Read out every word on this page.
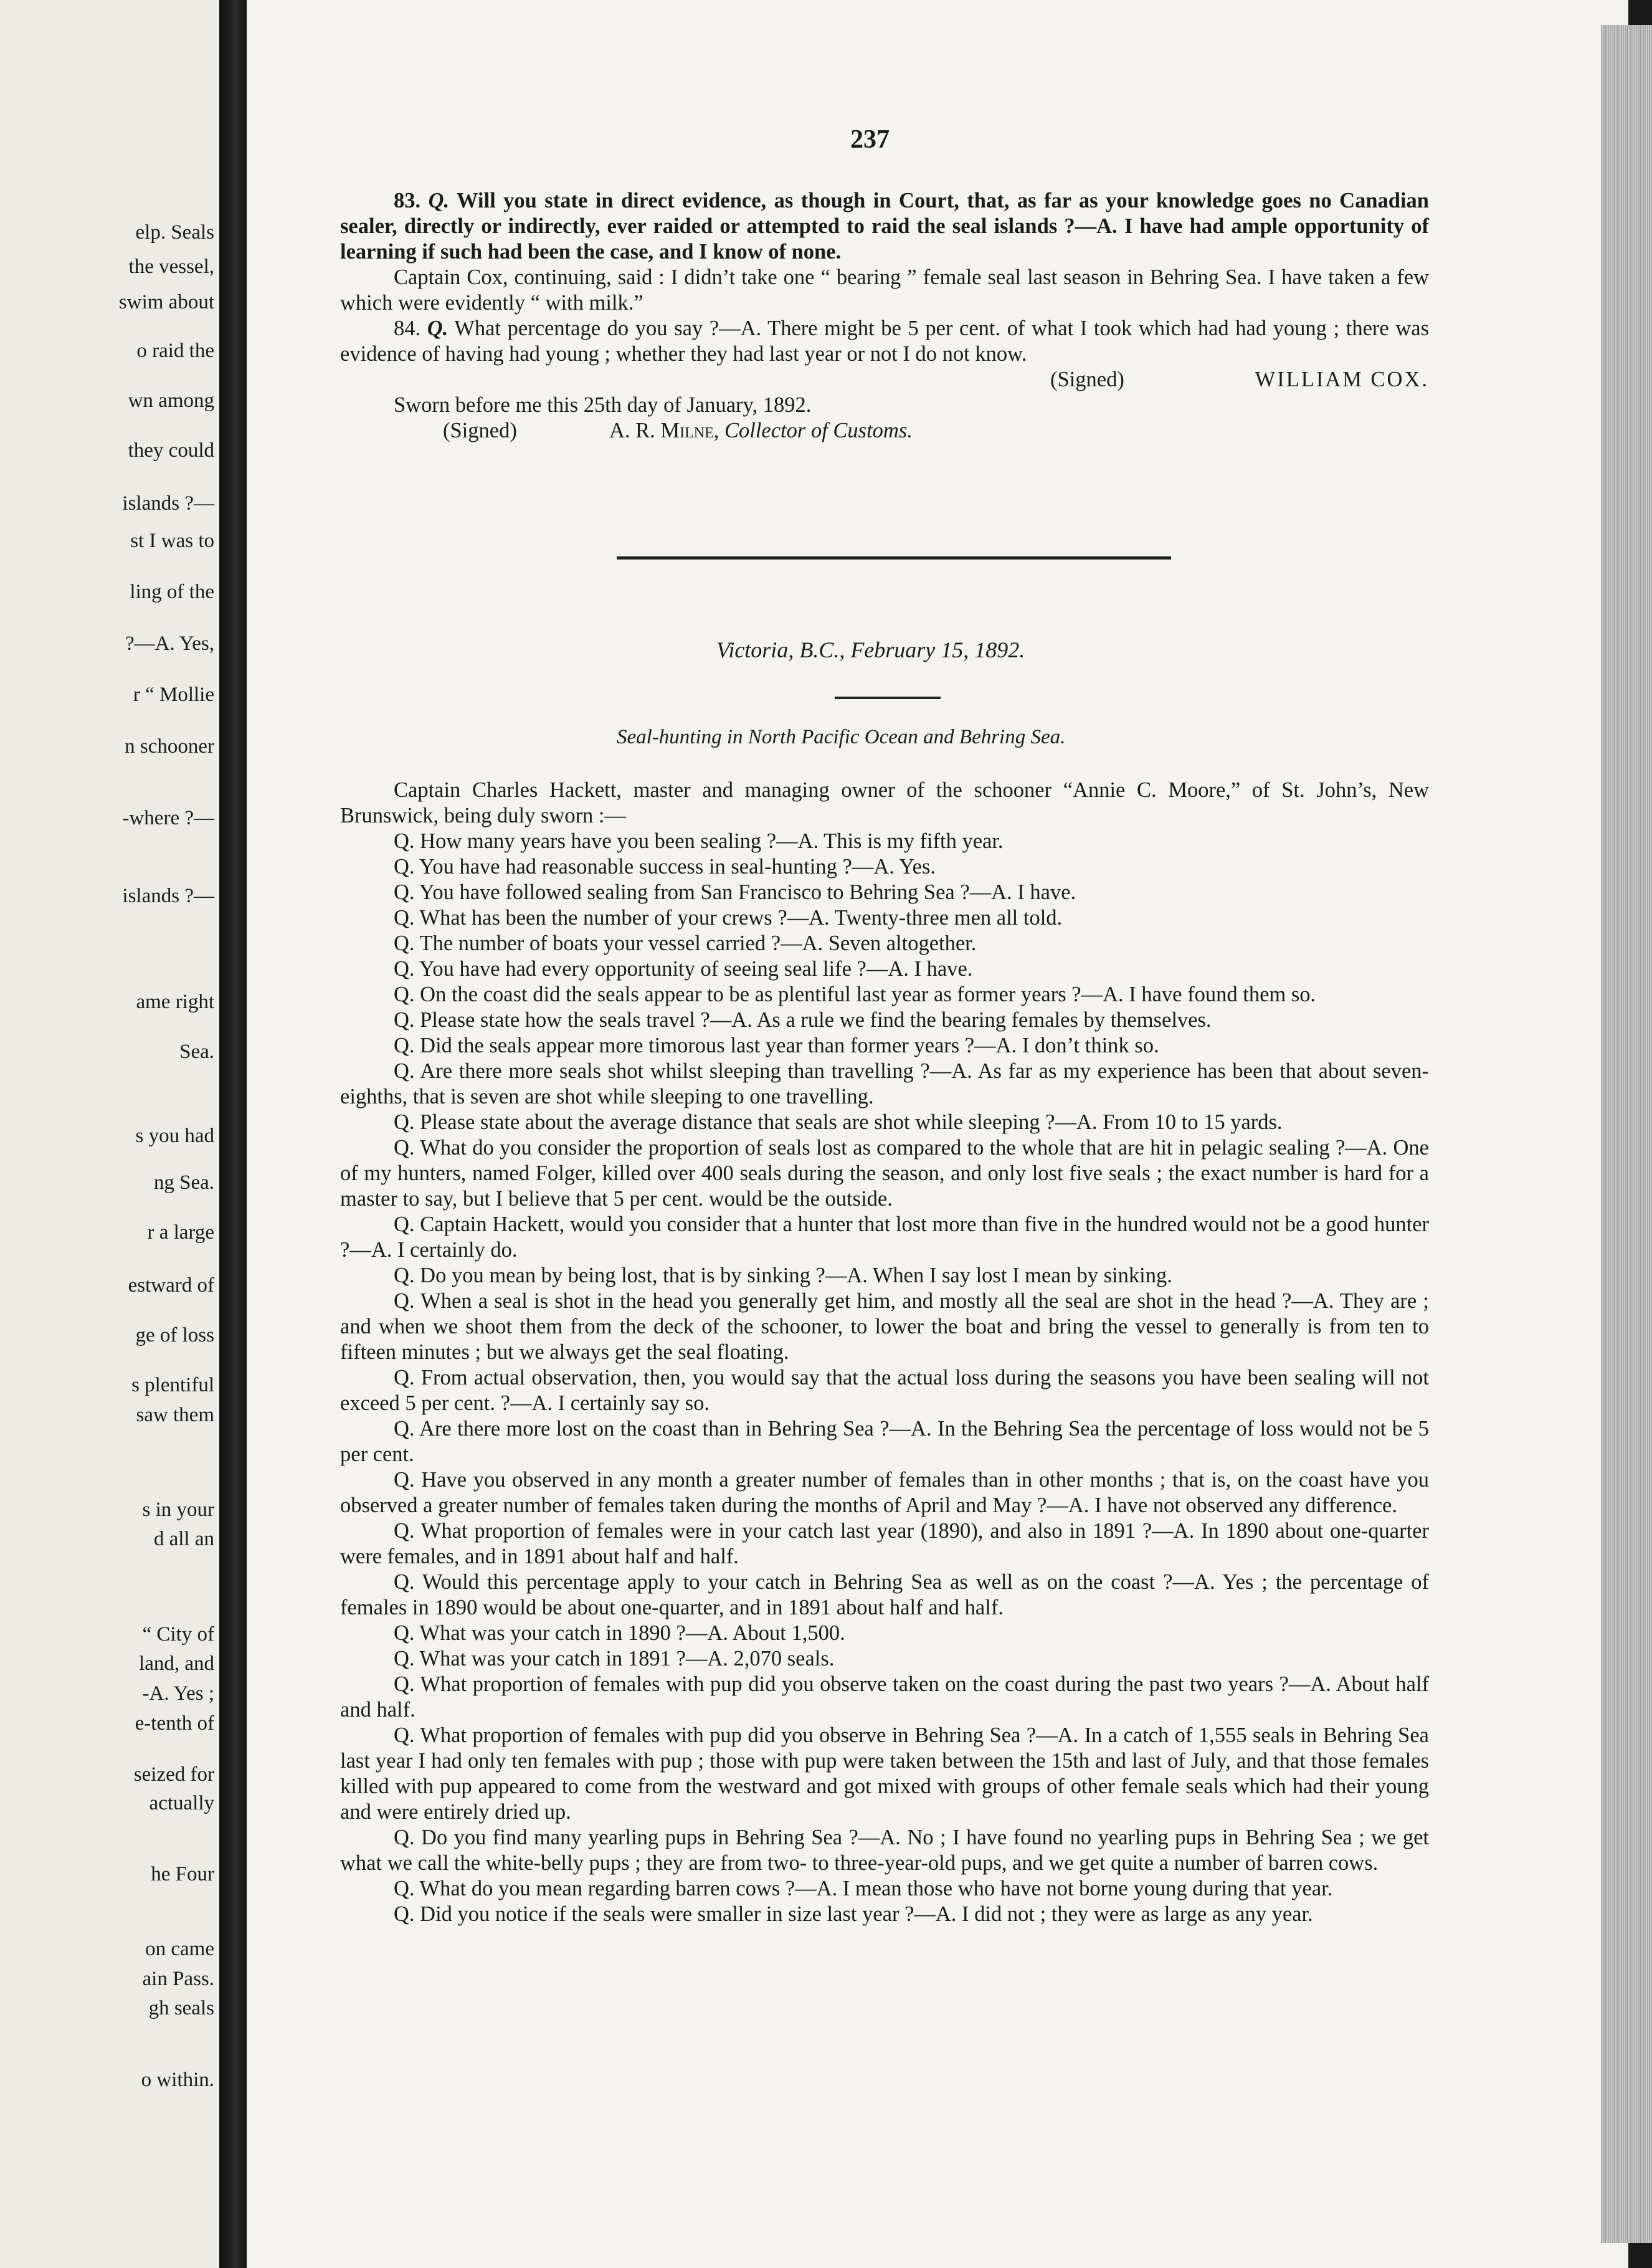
elp. Seals
the vessel,
swim about
o raid the
wn among
they could
islands ?—
st I was to
ling of the
?—A. Yes,
r “ Mollie
n schooner
-where ?—
islands ?—
ame right
Sea.
s you had
ng Sea.
r a large
estward of
ge of loss
s plentiful
saw them
s in your
d all an
“ City of
land, and
-A. Yes ;
e-tenth of
seized for
actually
he Four
on came
ain Pass.
gh seals
o within.
237

83. Q. Will you state in direct evidence, as though in Court, that, as far as your knowledge goes no Canadian sealer, directly or indirectly, ever raided or attempted to raid the seal islands ?—A. I have had ample opportunity of learning if such had been the case, and I know of none.

Captain Cox, continuing, said : I didn’t take one “ bearing ” female seal last season in Behring Sea. I have taken a few which were evidently “ with milk.”

84. Q. What percentage do you say ?—A. There might be 5 per cent. of what I took which had had young ; there was evidence of having had young ; whether they had last year or not I do not know.

(Signed)	WILLIAM COX.

Sworn before me this 25th day of January, 1892.

(Signed)	A. R. Milne, Collector of Customs.
Victoria, B.C., February 15, 1892.
Seal-hunting in North Pacific Ocean and Behring Sea.

Captain Charles Hackett, master and managing owner of the schooner “Annie C. Moore,” of St. John’s, New Brunswick, being duly sworn :—

Q. How many years have you been sealing ?—A. This is my fifth year.

Q. You have had reasonable success in seal-hunting ?—A. Yes.

Q. You have followed sealing from San Francisco to Behring Sea ?—A. I have.

Q. What has been the number of your crews ?—A. Twenty-three men all told.

Q. The number of boats your vessel carried ?—A. Seven altogether.

Q. You have had every opportunity of seeing seal life ?—A. I have.

Q. On the coast did the seals appear to be as plentiful last year as former years ?—A. I have found them so.

Q. Please state how the seals travel ?—A. As a rule we find the bearing females by themselves.

Q. Did the seals appear more timorous last year than former years ?—A. I don’t think so.

Q. Are there more seals shot whilst sleeping than travelling ?—A. As far as my experience has been that about seven-eighths, that is seven are shot while sleeping to one travelling.

Q. Please state about the average distance that seals are shot while sleeping ?—A. From 10 to 15 yards.

Q. What do you consider the proportion of seals lost as compared to the whole that are hit in pelagic sealing ?—A. One of my hunters, named Folger, killed over 400 seals during the season, and only lost five seals ; the exact number is hard for a master to say, but I believe that 5 per cent. would be the outside.

Q. Captain Hackett, would you consider that a hunter that lost more than five in the hundred would not be a good hunter ?—A. I certainly do.

Q. Do you mean by being lost, that is by sinking ?—A. When I say lost I mean by sinking.

Q. When a seal is shot in the head you generally get him, and mostly all the seal are shot in the head ?—A. They are ; and when we shoot them from the deck of the schooner, to lower the boat and bring the vessel to generally is from ten to fifteen minutes ; but we always get the seal floating.

Q. From actual observation, then, you would say that the actual loss during the seasons you have been sealing will not exceed 5 per cent. ?—A. I certainly say so.

Q. Are there more lost on the coast than in Behring Sea ?—A. In the Behring Sea the percentage of loss would not be 5 per cent.

Q. Have you observed in any month a greater number of females than in other months ; that is, on the coast have you observed a greater number of females taken during the months of April and May ?—A. I have not observed any difference.

Q. What proportion of females were in your catch last year (1890), and also in 1891 ?—A. In 1890 about one-quarter were females, and in 1891 about half and half.

Q. Would this percentage apply to your catch in Behring Sea as well as on the coast ?—A. Yes ; the percentage of females in 1890 would be about one-quarter, and in 1891 about half and half.

Q. What was your catch in 1890 ?—A. About 1,500.

Q. What was your catch in 1891 ?—A. 2,070 seals.

Q. What proportion of females with pup did you observe taken on the coast during the past two years ?—A. About half and half.

Q. What proportion of females with pup did you observe in Behring Sea ?—A. In a catch of 1,555 seals in Behring Sea last year I had only ten females with pup ; those with pup were taken between the 15th and last of July, and that those females killed with pup appeared to come from the westward and got mixed with groups of other female seals which had their young and were entirely dried up.

Q. Do you find many yearling pups in Behring Sea ?—A. No ; I have found no yearling pups in Behring Sea ; we get what we call the white-belly pups ; they are from two- to three-year-old pups, and we get quite a number of barren cows.

Q. What do you mean regarding barren cows ?—A. I mean those who have not borne young during that year.

Q. Did you notice if the seals were smaller in size last year ?—A. I did not ; they were as large as any year.
